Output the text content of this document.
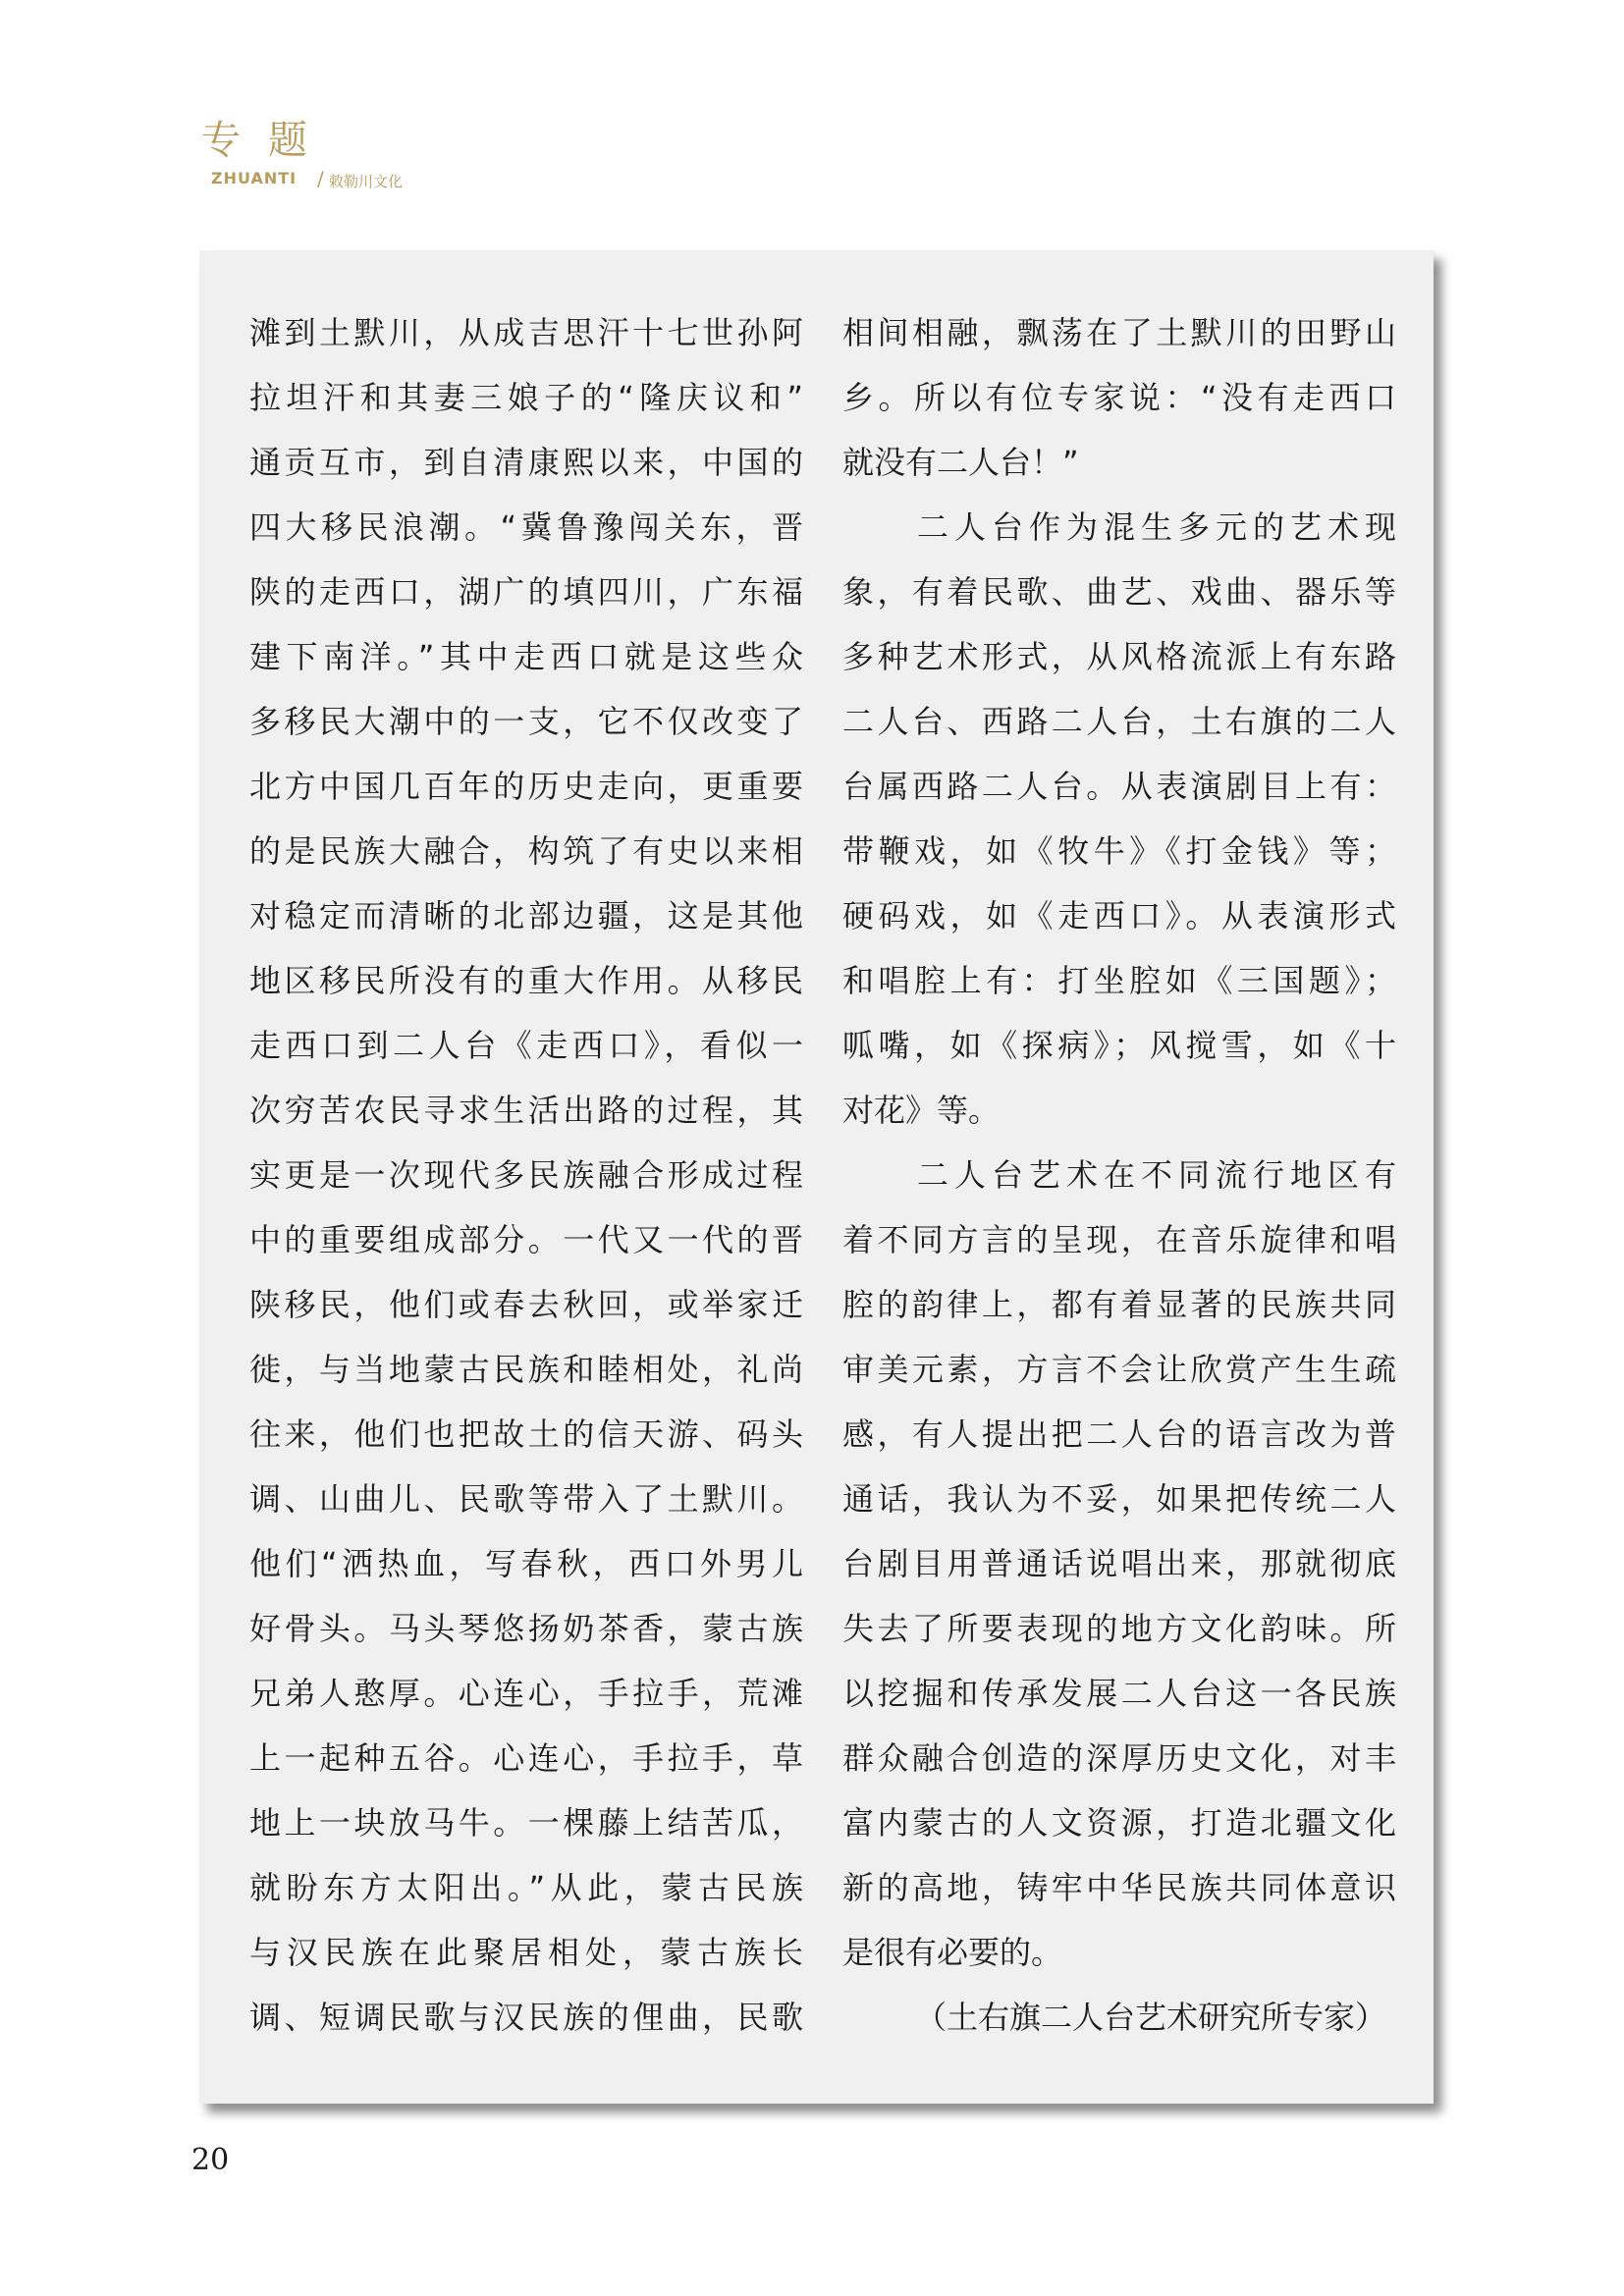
专题
ZHUANTI / 敕勒川文化
滩到土默川，从成吉思汗十七世孙阿
拉坦汗和其妻三娘子的“隆庆议和”
通贡互市，到自清康熙以来，中国的
四大移民浪潮。“冀鲁豫闯关东，晋
陕的走西口，湖广的填四川，广东福
建下南洋。”其中走西口就是这些众
多移民大潮中的一支，它不仅改变了
北方中国几百年的历史走向，更重要
的是民族大融合，构筑了有史以来相
对稳定而清晰的北部边疆，这是其他
地区移民所没有的重大作用。从移民
走西口到二人台《走西口》，看似一
次穷苦农民寻求生活出路的过程，其
实更是一次现代多民族融合形成过程
中的重要组成部分。一代又一代的晋
陕移民，他们或春去秋回，或举家迁
徙，与当地蒙古民族和睦相处，礼尚
往来，他们也把故土的信天游、码头
调、山曲儿、民歌等带入了土默川。
他们“洒热血，写春秋，西口外男儿
好骨头。马头琴悠扬奶茶香，蒙古族
兄弟人憨厚。心连心，手拉手，荒滩
上一起种五谷。心连心，手拉手，草
地上一块放马牛。一棵藤上结苦瓜，
就盼东方太阳出。”从此，蒙古民族
与汉民族在此聚居相处，蒙古族长
调、短调民歌与汉民族的俚曲，民歌
相间相融，飘荡在了土默川的田野山
乡。所以有位专家说：“没有走西口
就没有二人台！”
　　二人台作为混生多元的艺术现
象，有着民歌、曲艺、戏曲、器乐等
多种艺术形式，从风格流派上有东路
二人台、西路二人台，土右旗的二人
台属西路二人台。从表演剧目上有：
带鞭戏，如《牧牛》《打金钱》等；
硬码戏，如《走西口》。从表演形式
和唱腔上有：打坐腔如《三国题》；
呱嘴，如《探病》；风搅雪，如《十
对花》等。
　　二人台艺术在不同流行地区有
着不同方言的呈现，在音乐旋律和唱
腔的韵律上，都有着显著的民族共同
审美元素，方言不会让欣赏产生生疏
感，有人提出把二人台的语言改为普
通话，我认为不妥，如果把传统二人
台剧目用普通话说唱出来，那就彻底
失去了所要表现的地方文化韵味。所
以挖掘和传承发展二人台这一各民族
群众融合创造的深厚历史文化，对丰
富内蒙古的人文资源，打造北疆文化
新的高地，铸牢中华民族共同体意识
是很有必要的。
（土右旗二人台艺术研究所专家）
20
